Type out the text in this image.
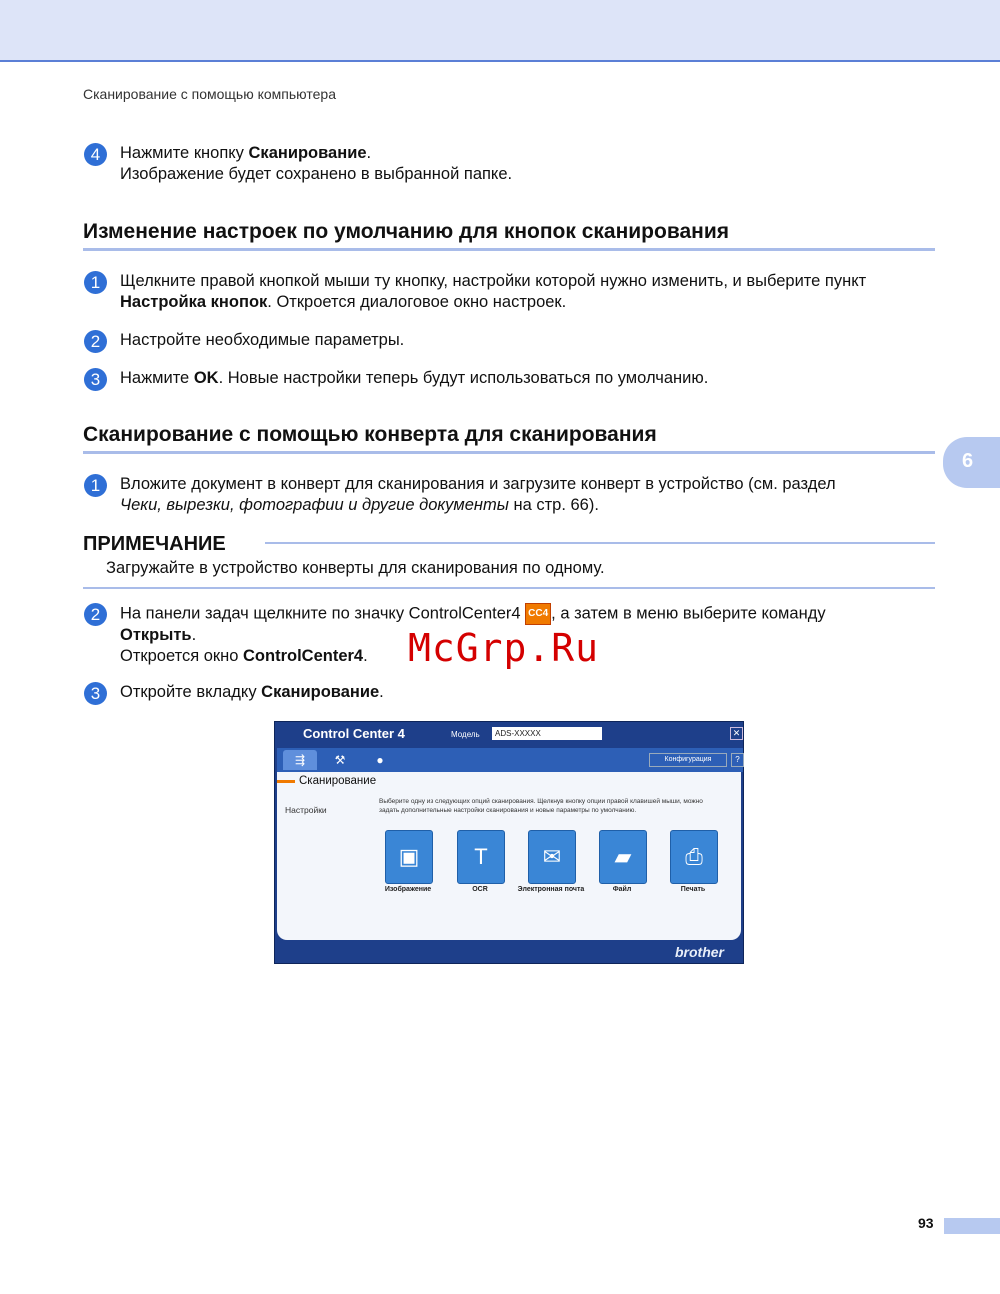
Сканирование с помощью компьютера
4	Нажмите кнопку Сканирование.
Изображение будет сохранено в выбранной папке.
Изменение настроек по умолчанию для кнопок сканирования
1	Щелкните правой кнопкой мыши ту кнопку, настройки которой нужно изменить, и выберите пункт
Настройка кнопок. Откроется диалоговое окно настроек.
2	Настройте необходимые параметры.
3	Нажмите OK. Новые настройки теперь будут использоваться по умолчанию.
Сканирование с помощью конверта для сканирования
6
1	Вложите документ в конверт для сканирования и загрузите конверт в устройство (см. раздел
Чеки, вырезки, фотографии и другие документы на стр. 66).
ПРИМЕЧАНИЕ
Загружайте в устройство конверты для сканирования по одному.
2	На панели задач щелкните по значку ControlCenter4 CC4 , а затем в меню выберите команду
Открыть.
Откроется окно ControlCenter4.	McGrp.Ru
3	Откройте вкладку Сканирование.
Control Center 4	Модель	ADS-XXXXX	✕
⇶	⚒	●	Конфигурация	?
Сканирование
Настройки
Выберите одну из следующих опций сканирования. Щелкнув кнопку опции правой клавишей мыши, можно задать дополнительные настройки сканирования и новые параметры по умолчанию.
▣
Изображение
T
OCR
✉
Электронная почта
▰
Файл
⎙
Печать
brother
93
